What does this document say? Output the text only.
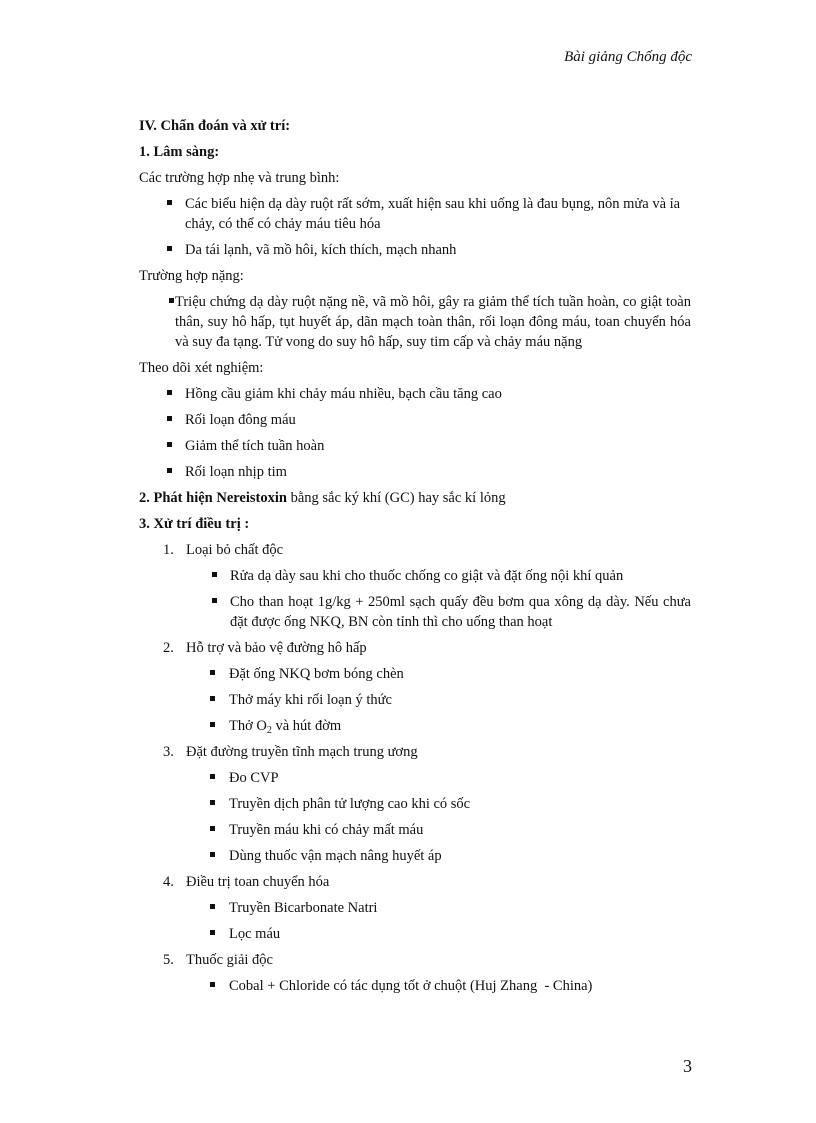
Bài giảng Chống độc
IV. Chẩn đoán và xử trí:
1. Lâm sàng:
Các trường hợp nhẹ và trung bình:
Các biểu hiện dạ dày ruột rất sớm, xuất hiện sau khi uống là đau bụng, nôn mửa và ỉa chảy, có thể có chảy máu tiêu hóa
Da tái lạnh, vã mồ hôi, kích thích, mạch nhanh
Trường hợp nặng:
Triệu chứng dạ dày ruột nặng nề, vã mồ hôi, gây ra giảm thể tích tuần hoàn, co giật toàn thân, suy hô hấp, tụt huyết áp, dãn mạch toàn thân, rối loạn đông máu, toan chuyển hóa và suy đa tạng. Tử vong do suy hô hấp, suy tim cấp và chảy máu nặng
Theo dõi xét nghiệm:
Hồng cầu giảm khi chảy máu nhiều, bạch cầu tăng cao
Rối loạn đông máu
Giảm thể tích tuần hoàn
Rối loạn nhịp tim
2. Phát hiện Nereistoxin bằng sắc ký khí (GC) hay sắc kí lỏng
3. Xử trí điều trị :
1. Loại bỏ chất độc
Rửa dạ dày sau khi cho thuốc chống co giật và đặt ống nội khí quản
Cho than hoạt 1g/kg + 250ml sạch quấy đều bơm qua xông dạ dày. Nếu chưa đặt được ống NKQ, BN còn tỉnh thì cho uống than hoạt
2. Hỗ trợ và bảo vệ đường hô hấp
Đặt ống NKQ bơm bóng chèn
Thở máy khi rối loạn ý thức
Thở $O_2$ và hút đờm
3. Đặt đường truyền tĩnh mạch trung ương
Đo CVP
Truyền dịch phân tử lượng cao khi có sốc
Truyền máu khi có chảy mất máu
Dùng thuốc vận mạch nâng huyết áp
4. Điều trị toan chuyển hóa
Truyền Bicarbonate Natri
Lọc máu
5. Thuốc giải độc
Cobal + Chloride có tác dụng tốt ở chuột (Huj Zhang  - China)
3
